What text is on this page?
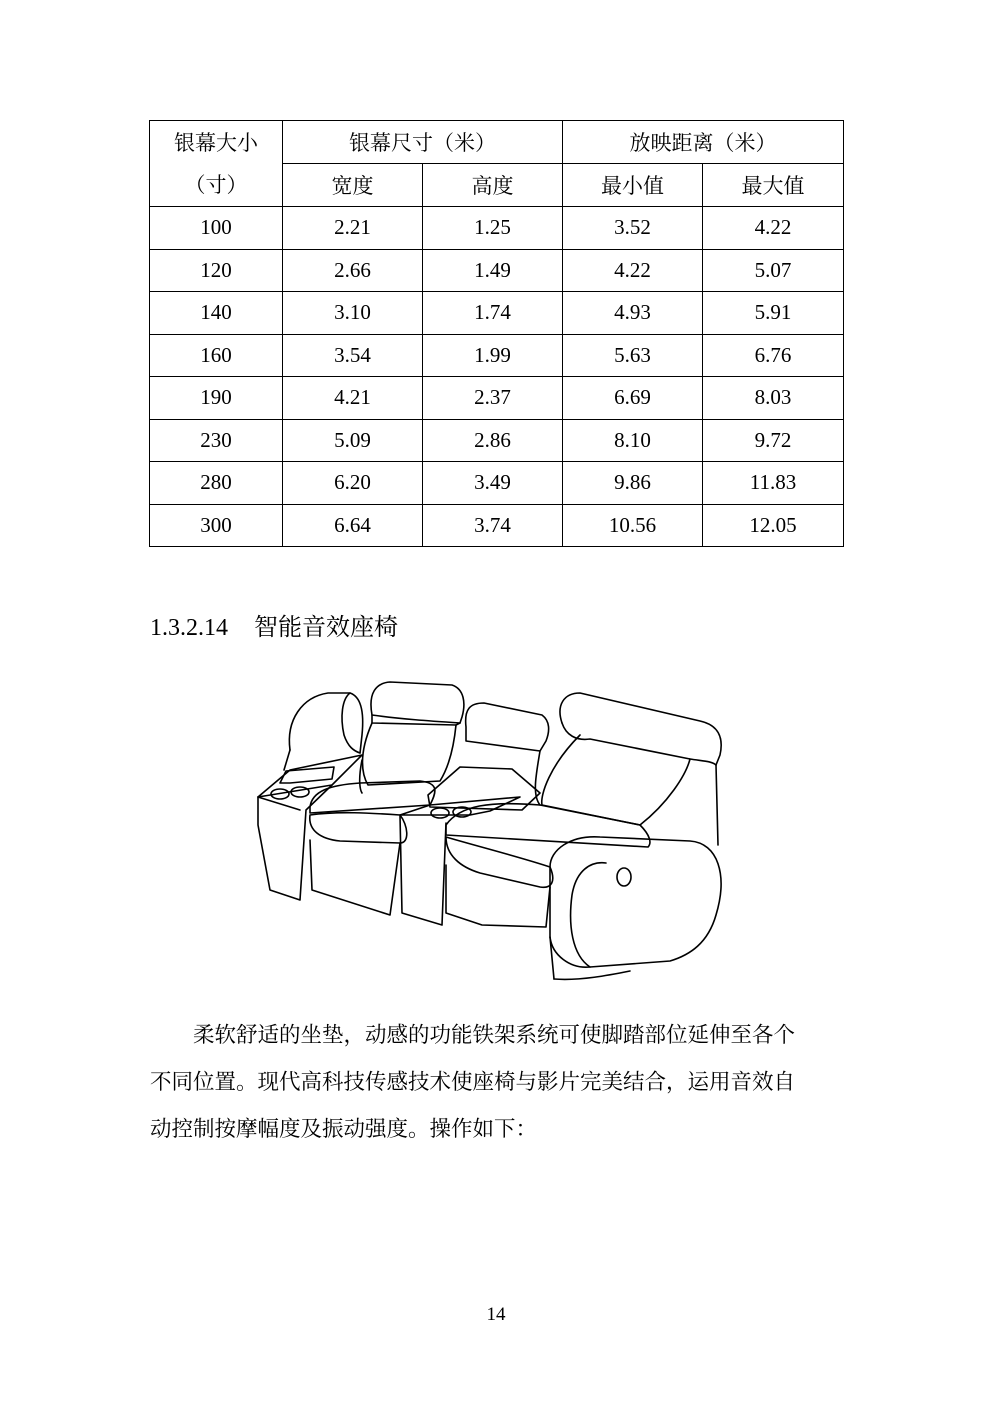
银幕大小
（寸）	银幕尺寸（米）		放映距离（米）	
	宽度	高度	最小值	最大值
100	2.21	1.25	3.52	4.22
120	2.66	1.49	4.22	5.07
140	3.10	1.74	4.93	5.91
160	3.54	1.99	5.63	6.76
190	4.21	2.37	6.69	8.03
230	5.09	2.86	8.10	9.72
280	6.20	3.49	9.86	11.83
300	6.64	3.74	10.56	12.05
1.3.2.14 智能音效座椅

柔软舒适的坐垫，动感的功能铁架系统可使脚踏部位延伸至各个

不同位置。现代高科技传感技术使座椅与影片完美结合，运用音效自
动控制按摩幅度及振动强度。操作如下：

14
